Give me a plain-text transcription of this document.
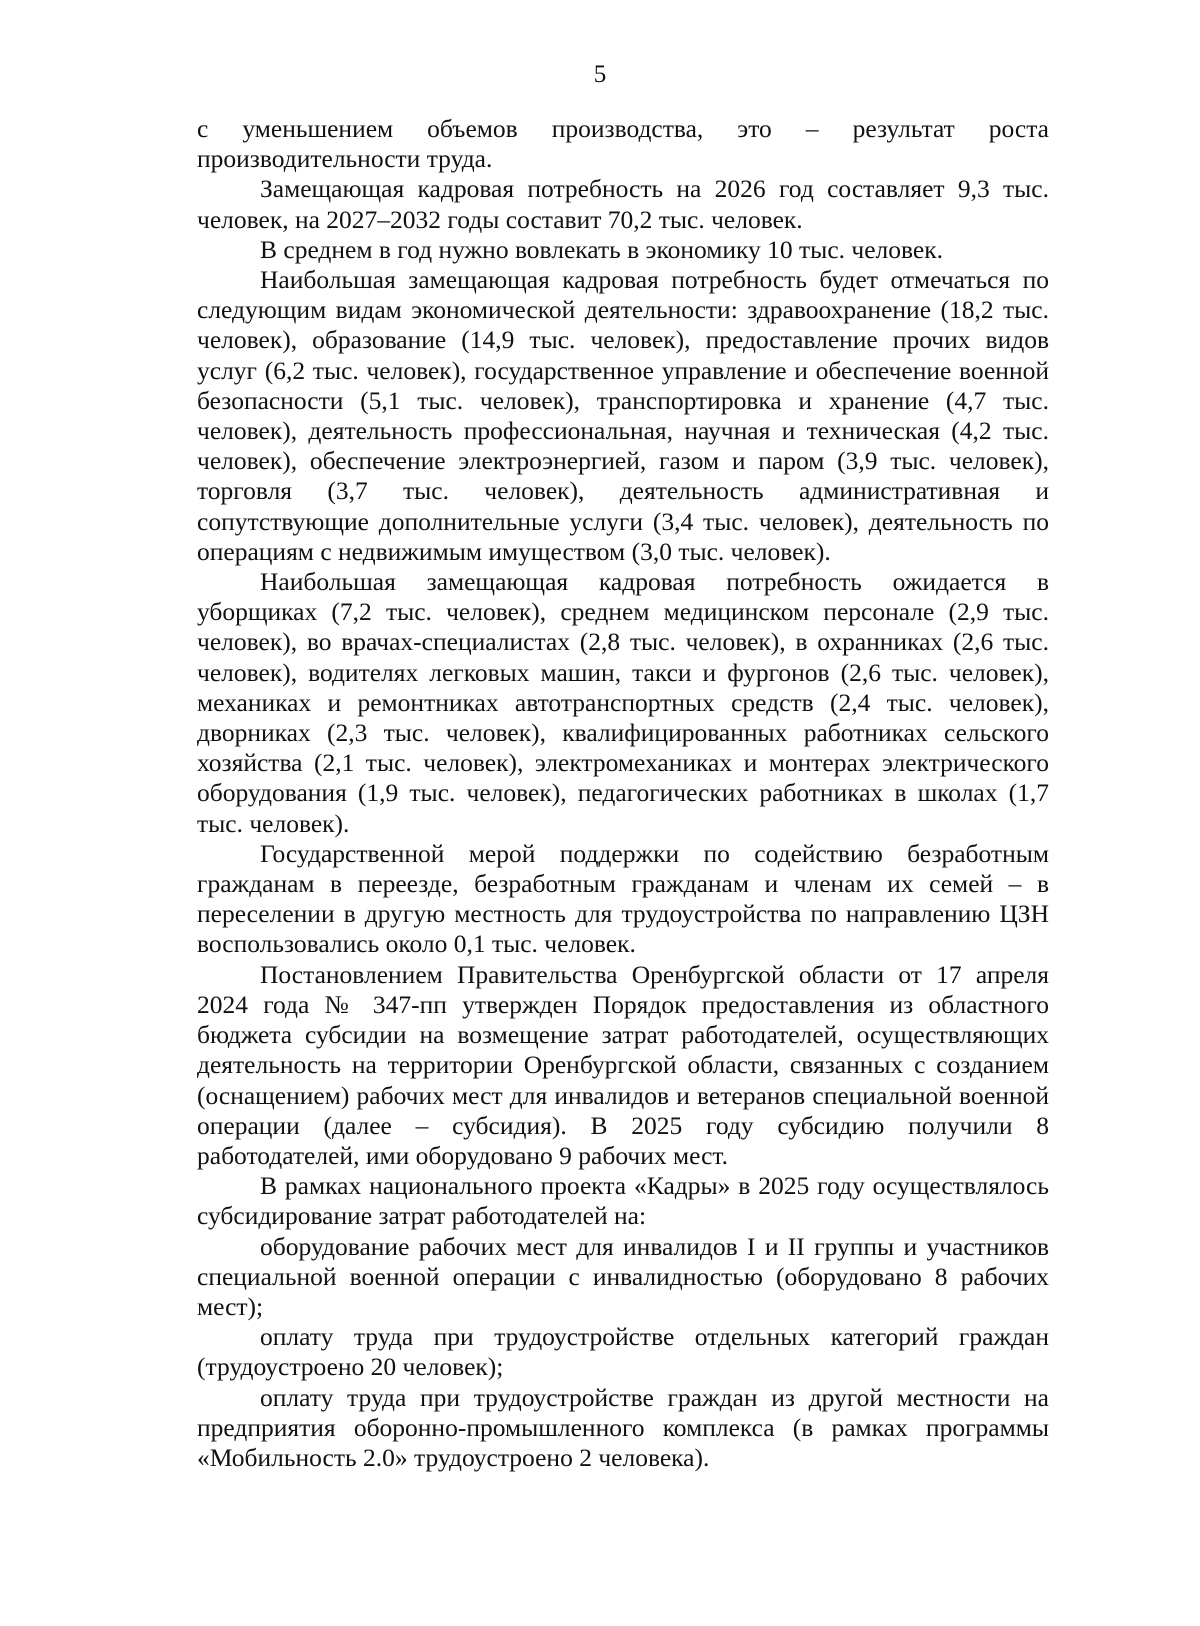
5

с уменьшением объемов производства, это – результат роста производительности труда.

Замещающая кадровая потребность на 2026 год составляет 9,3 тыс. человек, на 2027–2032 годы составит 70,2 тыс. человек.

В среднем в год нужно вовлекать в экономику 10 тыс. человек.

Наибольшая замещающая кадровая потребность будет отмечаться по следующим видам экономической деятельности: здравоохранение (18,2 тыс. человек), образование (14,9 тыс. человек), предоставление прочих видов услуг (6,2 тыс. человек), государственное управление и обеспечение военной безопасности (5,1 тыс. человек), транспортировка и хранение (4,7 тыс. человек), деятельность профессиональная, научная и техническая (4,2 тыс. человек), обеспечение электроэнергией, газом и паром (3,9 тыс. человек), торговля (3,7 тыс. человек), деятельность административная и сопутствующие дополнительные услуги (3,4 тыс. человек), деятельность по операциям с недвижимым имуществом (3,0 тыс. человек).

Наибольшая замещающая кадровая потребность ожидается в уборщиках (7,2 тыс. человек), среднем медицинском персонале (2,9 тыс. человек), во врачах-специалистах (2,8 тыс. человек), в охранниках (2,6 тыс. человек), водителях легковых машин, такси и фургонов (2,6 тыс. человек), механиках и ремонтниках автотранспортных средств (2,4 тыс. человек), дворниках (2,3 тыс. человек), квалифицированных работниках сельского хозяйства (2,1 тыс. человек), электромеханиках и монтерах электрического оборудования (1,9 тыс. человек), педагогических работниках в школах (1,7 тыс. человек).

Государственной мерой поддержки по содействию безработным гражданам в переезде, безработным гражданам и членам их семей – в переселении в другую местность для трудоустройства по направлению ЦЗН воспользовались около 0,1 тыс. человек.

Постановлением Правительства Оренбургской области от 17 апреля 2024 года № 347-пп утвержден Порядок предоставления из областного бюджета субсидии на возмещение затрат работодателей, осуществляющих деятельность на территории Оренбургской области, связанных с созданием (оснащением) рабочих мест для инвалидов и ветеранов специальной военной операции (далее – субсидия). В 2025 году субсидию получили 8 работодателей, ими оборудовано 9 рабочих мест.

В рамках национального проекта «Кадры» в 2025 году осуществлялось субсидирование затрат работодателей на:

оборудование рабочих мест для инвалидов I и II группы и участников специальной военной операции с инвалидностью (оборудовано 8 рабочих мест);

оплату труда при трудоустройстве отдельных категорий граждан (трудоустроено 20 человек);

оплату труда при трудоустройстве граждан из другой местности на предприятия оборонно-промышленного комплекса (в рамках программы «Мобильность 2.0» трудоустроено 2 человека).
